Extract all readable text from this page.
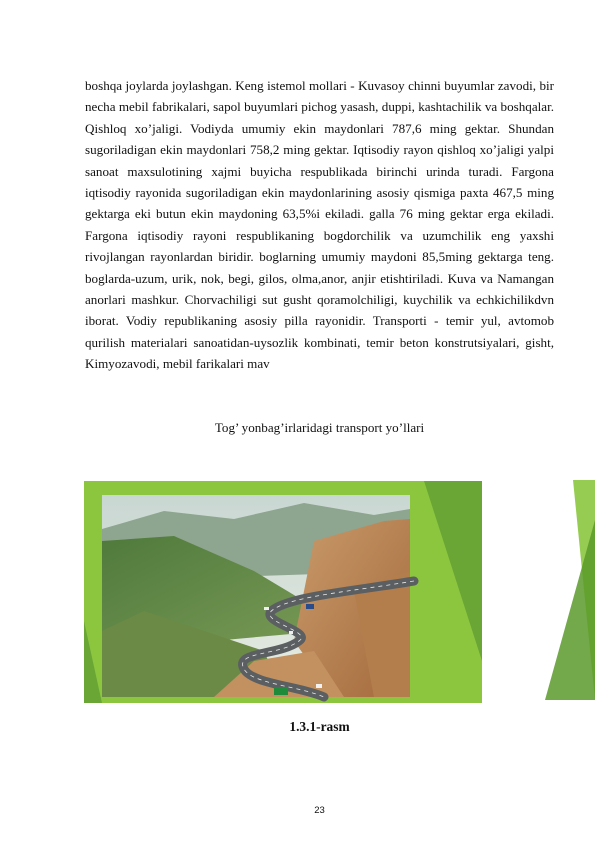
boshqa joylarda joylashgan. Keng istemol mollari - Kuvasoy chinni buyumlar zavodi, bir necha mebil fabrikalari, sapol buyumlari pichog yasash, duppi, kashtachilik va boshqalar. Qishloq xo’jaligi. Vodiyda umumiy ekin maydonlari 787,6 ming gektar. Shundan sugoriladigan ekin maydonlari 758,2 ming gektar. Iqtisodiy rayon qishloq xo’jaligi yalpi sanoat maxsulotining xajmi buyicha respublikada birinchi urinda turadi. Fargona iqtisodiy rayonida sugoriladigan ekin maydonlarining asosiy qismiga paxta 467,5 ming gektarga eki butun ekin maydoning 63,5%i ekiladi. galla 76 ming gektar erga ekiladi. Fargona iqtisodiy rayoni respublikaning bogdorchilik va uzumchilik eng yaxshi rivojlangan rayonlardan biridir. boglarning umumiy maydoni 85,5ming gektarga teng. boglarda-uzum, urik, nok, begi, gilos, olma,anor, anjir etishtiriladi. Kuva va Namangan anorlari mashkur. Chorvachiligi sut gusht qoramolchiligi, kuychilik va echkichilikdvn iborat. Vodiy republikaning asosiy pilla rayonidir. Transporti - temir yul, avtomob qurilish materialari sanoatidan-uysozlik kombinati, temir beton konstrutsiyalari, gisht, Kimyozavodi, mebil farikalari mav

Tog’ yonbag’irlaridagi transport yo’llari
1.3.1-rasm
23
